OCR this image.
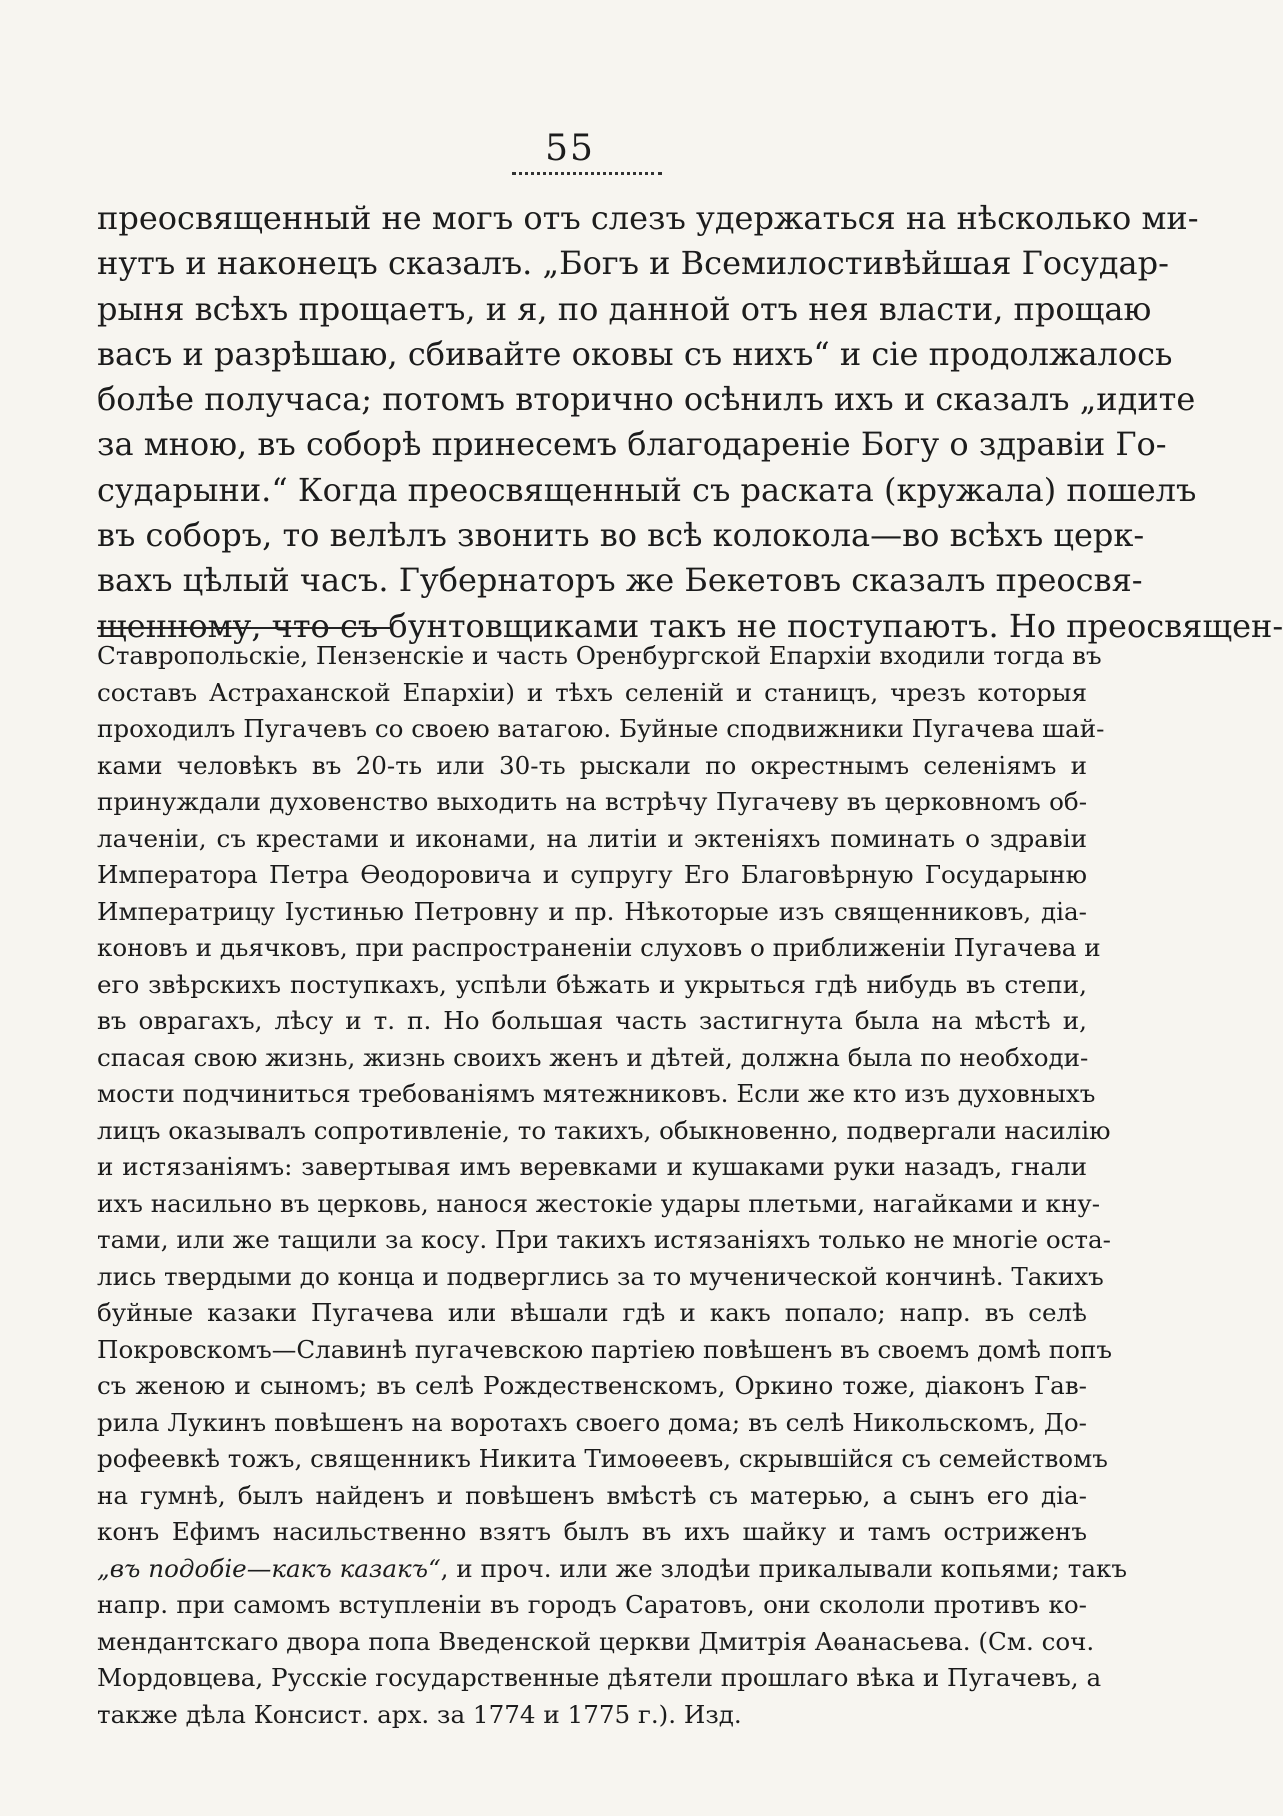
55
преосвященный не могъ отъ слезъ удержаться на нѣсколько ми-
нутъ и наконецъ сказалъ. „Богъ и Всемилостивѣйшая Государ-
рыня всѣхъ прощаетъ, и я, по данной отъ нея власти, прощаю
васъ и разрѣшаю, сбивайте оковы съ нихъ“ и сіе продолжалось
болѣе получаса; потомъ вторично осѣнилъ ихъ и сказалъ „идите
за мною, въ соборѣ принесемъ благодареніе Богу о здравіи Го-
сударыни.“ Когда преосвященный съ раската (кружала) пошелъ
въ соборъ, то велѣлъ звонить во всѣ колокола—во всѣхъ церк-
вахъ цѣлый часъ. Губернаторъ же Бекетовъ сказалъ преосвя-
щенному, что съ бунтовщиками такъ не поступаютъ. Но преосвящен-
Ставропольскіе, Пензенскіе и часть Оренбургской Епархіи входили тогда въ
составъ Астраханской Епархіи) и тѣхъ селеній и станицъ, чрезъ которыя
проходилъ Пугачевъ со своею ватагою. Буйные сподвижники Пугачева шай-
ками человѣкъ въ 20-ть или 30-ть рыскали по окрестнымъ селеніямъ и
принуждали духовенство выходить на встрѣчу Пугачеву въ церковномъ об-
лаченіи, съ крестами и иконами, на литіи и эктеніяхъ поминать о здравіи
Императора Петра Ѳеодоровича и супругу Его Благовѣрную Государыню
Императрицу Іустинью Петровну и пр. Нѣкоторые изъ священниковъ, діа-
коновъ и дьячковъ, при распространеніи слуховъ о приближеніи Пугачева и
его звѣрскихъ поступкахъ, успѣли бѣжать и укрыться гдѣ нибудь въ степи,
въ оврагахъ, лѣсу и т. п. Но большая часть застигнута была на мѣстѣ и,
спасая свою жизнь, жизнь своихъ женъ и дѣтей, должна была по необходи-
мости подчиниться требованіямъ мятежниковъ. Если же кто изъ духовныхъ
лицъ оказывалъ сопротивленіе, то такихъ, обыкновенно, подвергали насилію
и истязаніямъ: завертывая имъ веревками и кушаками руки назадъ, гнали
ихъ насильно въ церковь, нанося жестокіе удары плетьми, нагайками и кну-
тами, или же тащили за косу. При такихъ истязаніяхъ только не многіе оста-
лись твердыми до конца и подверглись за то мученической кончинѣ. Такихъ
буйные казаки Пугачева или вѣшали гдѣ и какъ попало; напр. въ селѣ
Покровскомъ—Славинѣ пугачевскою партіею повѣшенъ въ своемъ домѣ попъ
съ женою и сыномъ; въ селѣ Рождественскомъ, Оркино тоже, діаконъ Гав-
рила Лукинъ повѣшенъ на воротахъ своего дома; въ селѣ Никольскомъ, До-
рофеевкѣ тожъ, священникъ Никита Тимоѳеевъ, скрывшійся съ семействомъ
на гумнѣ, былъ найденъ и повѣшенъ вмѣстѣ съ матерью, а сынъ его діа-
конъ Ефимъ насильственно взятъ былъ въ ихъ шайку и тамъ остриженъ
„въ подобіе—какъ казакъ“, и проч. или же злодѣи прикалывали копьями; такъ
напр. при самомъ вступленіи въ городъ Саратовъ, они скололи противъ ко-
мендантскаго двора попа Введенской церкви Дмитрія Аѳанасьева. (См. соч.
Мордовцева, Русскіе государственные дѣятели прошлаго вѣка и Пугачевъ, а
также дѣла Консист. арх. за 1774 и 1775 г.). Изд.
